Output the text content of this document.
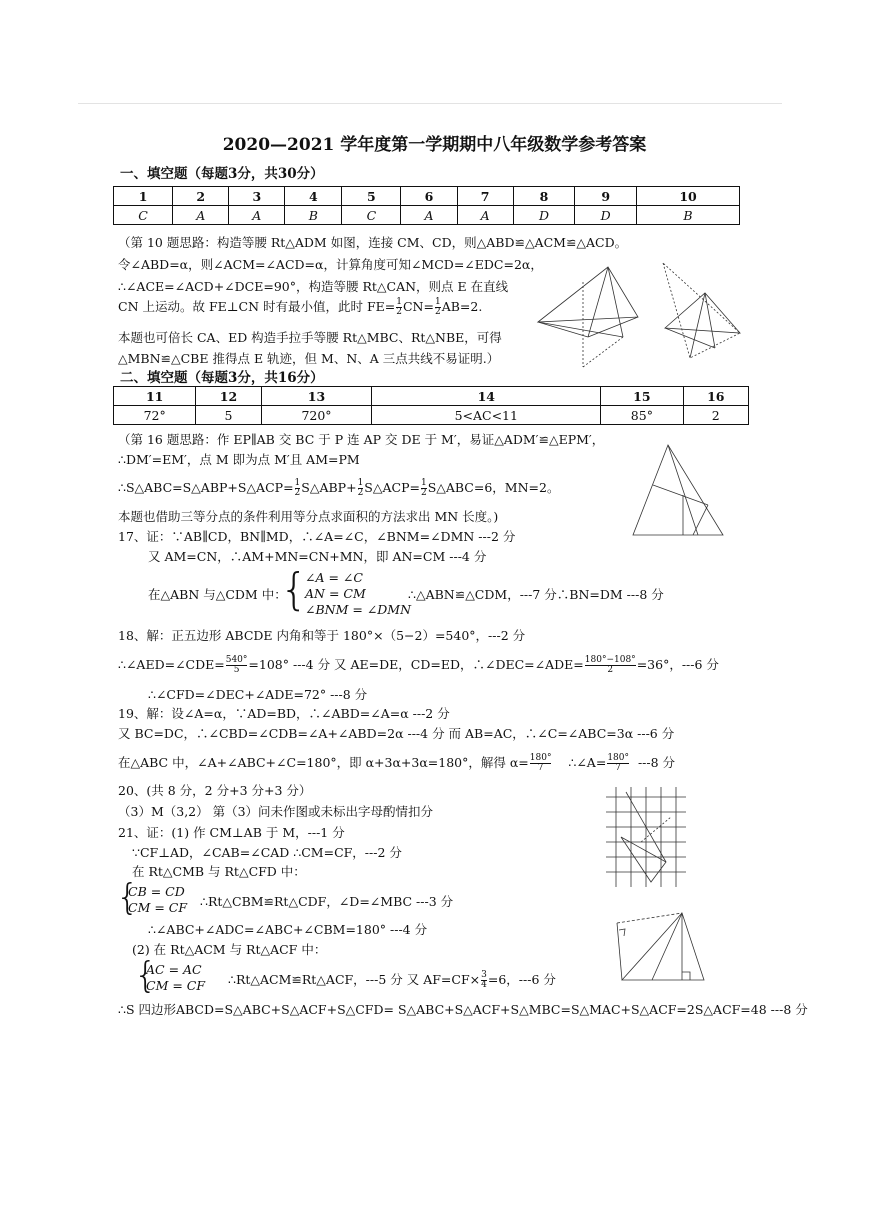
2020—2021 学年度第一学期期中八年级数学参考答案
一、填空题（每题3分，共30分）
1	2	3	4	5	6	7	8	9	10
C	A	A	B	C	A	A	D	D	B
（第 10 题思路：构造等腰 Rt△ADM 如图，连接 CM、CD，则△ABD≌△ACM≌△ACD。
令∠ABD=α，则∠ACM=∠ACD=α，计算角度可知∠MCD=∠EDC=2α，
∴∠ACE=∠ACD+∠DCE=90°，构造等腰 Rt△CAN，则点 E 在直线
CN 上运动。故 FE⊥CN 时有最小值，此时 $FE= \frac{1}{2} CN= \frac{1}{2} AB=2$.
本题也可倍长 CA、ED 构造手拉手等腰 Rt△MBC、Rt△NBE，可得
△MBN≌△CBE 推得点 E 轨迹，但 M、N、A 三点共线不易证明.）
二、填空题（每题3分，共16分）
11	12	13	14	15	16
72°	5	720°	5<AC<11	85°	2
（第 16 题思路：作 EP∥AB 交 BC 于 P 连 AP 交 DE 于 M′，易证△ADM′≌△EPM′，
∴DM′=EM′，点 M 即为点 M′且 AM=PM
∴S△ABC=S△ABP+S△ACP= $\frac{1}{2}$ S△ABP+ $\frac{1}{2}$ S△ACP= $\frac{1}{2}$ S△ABC=6，MN=2。
本题也借助三等分点的条件利用等分点求面积的方法求出 MN 长度。)
17、证：∵AB∥CD，BN∥MD，∴∠A=∠C，∠BNM=∠DMN ---2 分
又 AM=CN，∴AM+MN=CN+MN，即 AN=CM ---4 分
在△ABN 与△CDM 中：
{
∠A = ∠C
AN = CM
∠BNM = ∠DMN
∴△ABN≌△CDM，---7 分∴BN=DM ---8 分
18、解：正五边形 ABCDE 内角和等于 180°×（5−2）=540°，---2 分
∴∠AED=∠CDE= $\frac{540^\circ}{5} =108^\circ$ ---4 分 又 AE=DE，CD=ED，∴∠DEC=∠ADE= $\frac{180^\circ-108^\circ}{2} =36^\circ$，---6 分
∴∠CFD=∠DEC+∠ADE=72° ---8 分
19、解：设∠A=α，∵AD=BD，∴∠ABD=∠A=α ---2 分
又 BC=DC，∴∠CBD=∠CDB=∠A+∠ABD=2α ---4 分 而 AB=AC，∴∠C=∠ABC=3α ---6 分
在△ABC 中，∠A+∠ABC+∠C=180°，即 α+3α+3α=180°，解得 $\alpha= \frac{180^\circ}{7}$ ∴∠A= $\frac{180^\circ}{7} ---8$ 分
20、(共 8 分，2 分+3 分+3 分）
（3）M（3,2） 第（3）问未作图或未标出字母酌情扣分
21、证：(1) 作 CM⊥AB 于 M，---1 分
∵CF⊥AD，∠CAB=∠CAD ∴CM=CF，---2 分
在 Rt△CMB 与 Rt△CFD 中：
{
CB = CD
CM = CF ∴Rt△CBM≌Rt△CDF，∠D=∠MBC ---3 分
∴∠ABC+∠ADC=∠ABC+∠CBM=180° ---4 分
(2) 在 Rt△ACM 与 Rt△ACF 中：
{
AC = AC
CM = CF ∴Rt△ACM≌Rt△ACF，---5 分 又 $AF=CF\times \frac{3}{4} =6$，---6 分
∴S 四边形ABCD=S△ABC+S△ACF+S△CFD= S△ABC+S△ACF+S△MBC=S△MAC+S△ACF=2S△ACF=48 ---8 分
